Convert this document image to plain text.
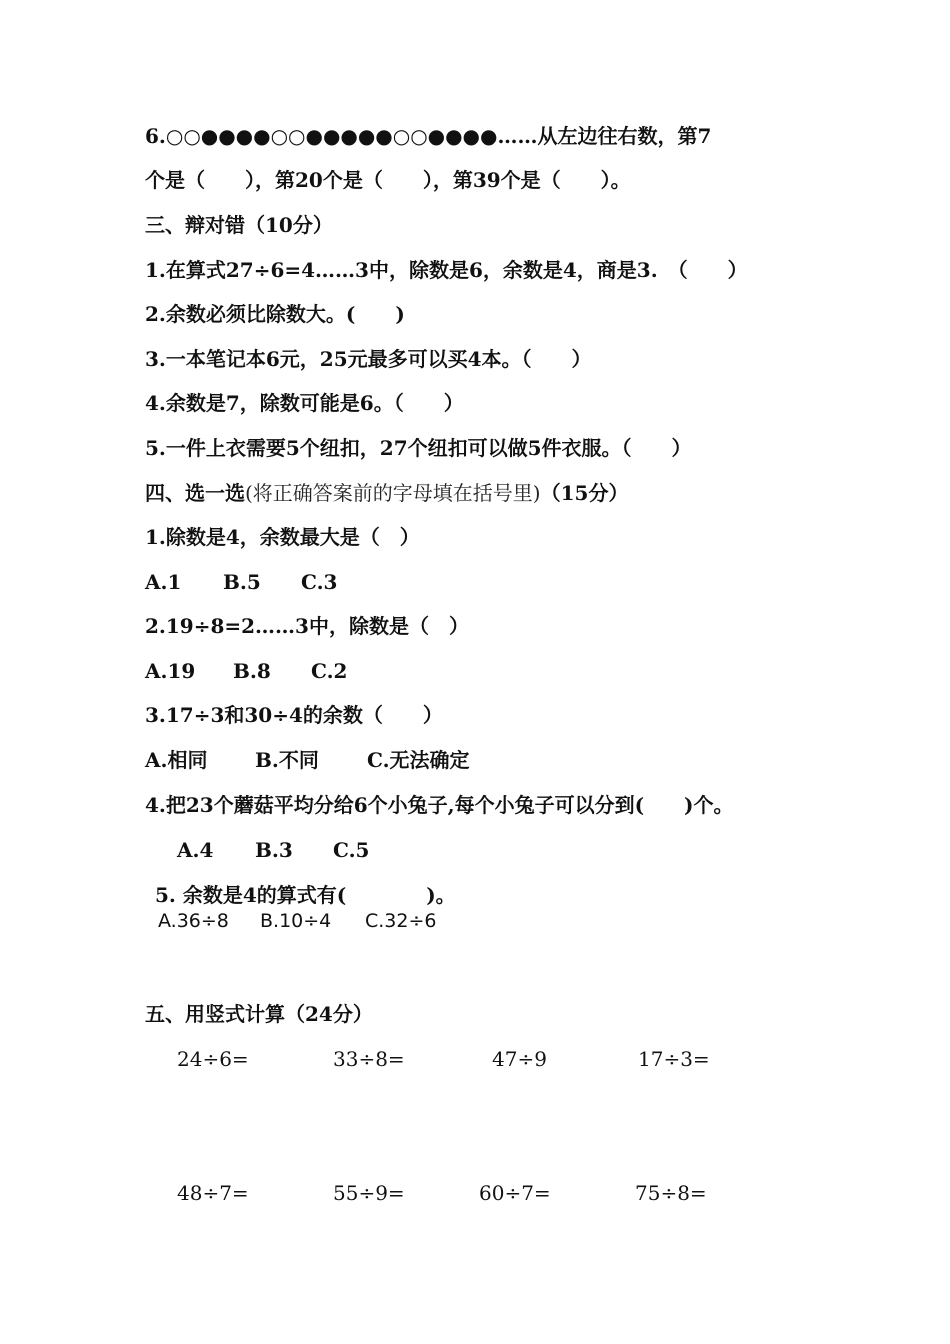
6.○○●●●●○○●●●●●○○●●●●……从左边往右数，第7
个是（　　），第20个是（　　），第39个是（　　）。
三、辩对错（10分）
1.在算式27÷6=4……3中，除数是6，余数是4，商是3.　（　　）
2.余数必须比除数大。(　　)
3.一本笔记本6元，25元最多可以买4本。（　　）
4.余数是7，除数可能是6。（　　）
5.一件上衣需要5个纽扣，27个纽扣可以做5件衣服。（　　）
四、选一选(将正确答案前的字母填在括号里)（15分）
1.除数是4，余数最大是（　）
A.1 B.5 C.3
2.19÷8=2……3中，除数是（　）
A.19 B.8 C.2
3.17÷3和30÷4的余数（　　）
A.相同 B.不同 C.无法确定
4.把23个蘑菇平均分给6个小兔子,每个小兔子可以分到(　　)个。
A.4 B.3 C.5
5. 余数是4的算式有(　　　　)。
A.36÷8 B.10÷4 C.32÷6
五、用竖式计算（24分）
24÷6=	33÷8=	47÷9	17÷3=
48÷7=	55÷9=	60÷7=	75÷8=
